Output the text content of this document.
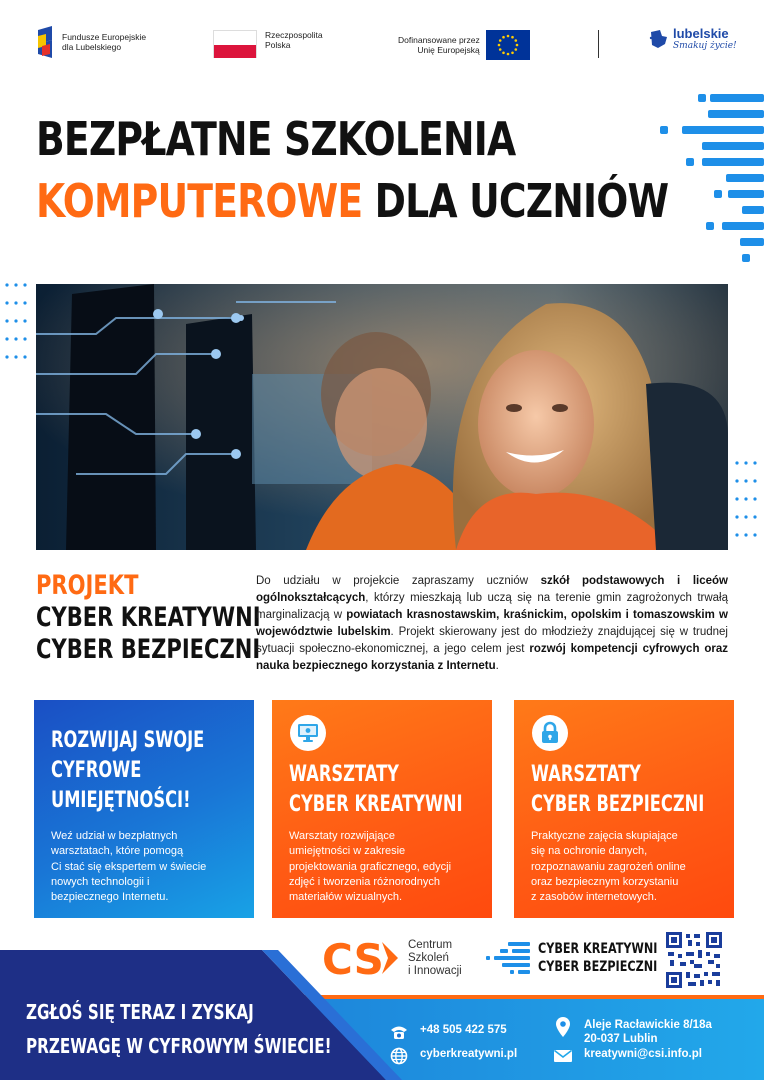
Fundusze Europejskie
dla Lubelskiego
Rzeczpospolita
Polska	Dofinansowane przez
Unię Europejską
lubelskie
Smakuj życie!
BEZPŁATNE SZKOLENIA
KOMPUTEROWE DLA UCZNIÓW
PROJEKT
CYBER KREATYWNI
CYBER BEZPIECZNI
Do udziału w projekcie zapraszamy uczniów szkół podstawowych i liceów ogólnokształcących, którzy mieszkają lub uczą się na terenie gmin zagrożonych trwałą marginalizacją w powiatach krasnostawskim, kraśnickim, opolskim i tomaszowskim w województwie lubelskim. Projekt skierowany jest do młodzieży znajdującej się w trudnej sytuacji społeczno-ekonomicznej, a jego celem jest rozwój kompetencji cyfrowych oraz nauka bezpiecznego korzystania z Internetu.
ROZWIJAJ SWOJE
CYFROWE
UMIEJĘTNOŚCI!
Weź udział w bezpłatnych
warsztatach, które pomogą
Ci stać się ekspertem w świecie
nowych technologii i
bezpiecznego Internetu.
WARSZTATY
CYBER KREATYWNI
Warsztaty rozwijające
umiejętności w zakresie
projektowania graficznego, edycji
zdjęć i tworzenia różnorodnych
materiałów wizualnych.
WARSZTATY
CYBER BEZPIECZNI
Praktyczne zajęcia skupiające
się na ochronie danych,
rozpoznawaniu zagrożeń online
oraz bezpiecznym korzystaniu
z zasobów internetowych.
CS Centrum
Szkoleń
i Innowacji
CYBER KREATYWNI
CYBER BEZPIECZNI
ZGŁOŚ SIĘ TERAZ I ZYSKAJ
PRZEWAGĘ W CYFROWYM ŚWIECIE!
+48 505 422 575
cyberkreatywni.pl
Aleje Racławickie 8/18a
20-037 Lublin
kreatywni@csi.info.pl
